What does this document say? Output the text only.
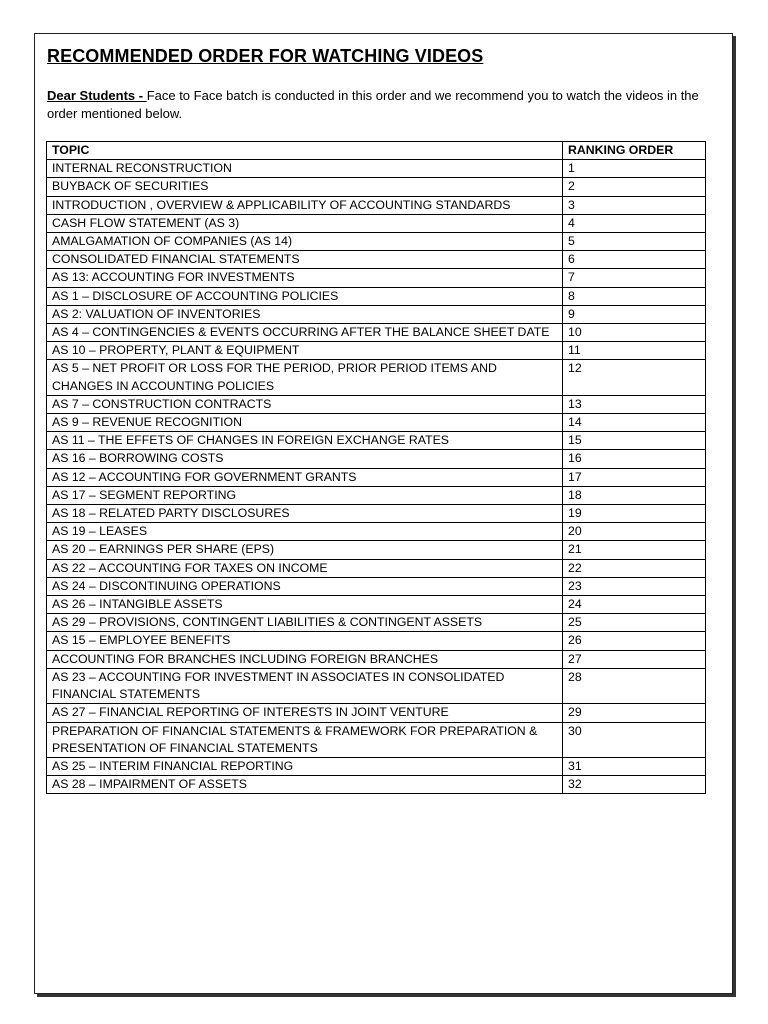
RECOMMENDED ORDER FOR WATCHING VIDEOS

Dear Students - Face to Face batch is conducted in this order and we recommend you to watch the videos in the order mentioned below.

TOPIC	RANKING ORDER
INTERNAL RECONSTRUCTION	1
BUYBACK OF SECURITIES	2
INTRODUCTION , OVERVIEW & APPLICABILITY OF ACCOUNTING STANDARDS	3
CASH FLOW STATEMENT (AS 3)	4
AMALGAMATION OF COMPANIES (AS 14)	5
CONSOLIDATED FINANCIAL STATEMENTS	6
AS 13: ACCOUNTING FOR INVESTMENTS	7
AS 1 – DISCLOSURE OF ACCOUNTING POLICIES	8
AS 2: VALUATION OF INVENTORIES	9
AS 4 – CONTINGENCIES & EVENTS OCCURRING AFTER THE BALANCE SHEET DATE	10
AS 10 – PROPERTY, PLANT & EQUIPMENT	11
AS 5 – NET PROFIT OR LOSS FOR THE PERIOD, PRIOR PERIOD ITEMS AND CHANGES IN ACCOUNTING POLICIES	12
AS 7 – CONSTRUCTION CONTRACTS	13
AS 9 – REVENUE RECOGNITION	14
AS 11 – THE EFFETS OF CHANGES IN FOREIGN EXCHANGE RATES	15
AS 16 – BORROWING COSTS	16
AS 12 – ACCOUNTING FOR GOVERNMENT GRANTS	17
AS 17 – SEGMENT REPORTING	18
AS 18 – RELATED PARTY DISCLOSURES	19
AS 19 – LEASES	20
AS 20 – EARNINGS PER SHARE (EPS)	21
AS 22 – ACCOUNTING FOR TAXES ON INCOME	22
AS 24 – DISCONTINUING OPERATIONS	23
AS 26 – INTANGIBLE ASSETS	24
AS 29 – PROVISIONS, CONTINGENT LIABILITIES & CONTINGENT ASSETS	25
AS 15 – EMPLOYEE BENEFITS	26
ACCOUNTING FOR BRANCHES INCLUDING FOREIGN BRANCHES	27
AS 23 – ACCOUNTING FOR INVESTMENT IN ASSOCIATES IN CONSOLIDATED FINANCIAL STATEMENTS	28
AS 27 – FINANCIAL REPORTING OF INTERESTS IN JOINT VENTURE	29
PREPARATION OF FINANCIAL STATEMENTS & FRAMEWORK FOR PREPARATION & PRESENTATION OF FINANCIAL STATEMENTS	30
AS 25 – INTERIM FINANCIAL REPORTING	31
AS 28 – IMPAIRMENT OF ASSETS	32
